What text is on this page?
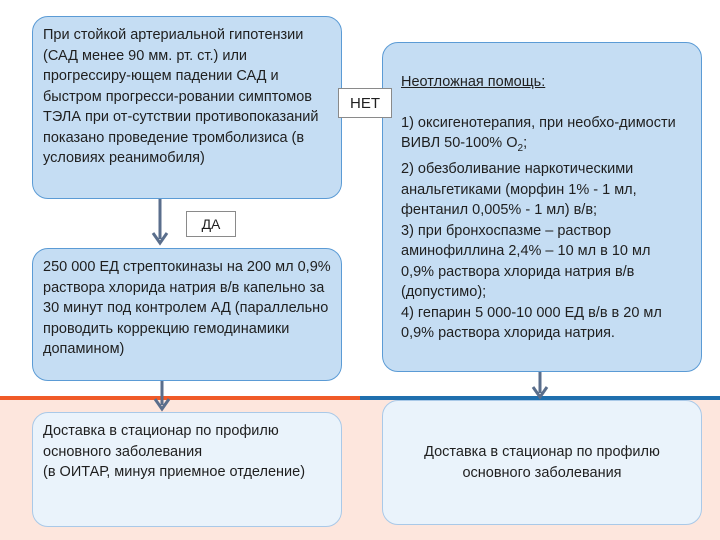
При стойкой артериальной гипотензии (САД менее 90 мм. рт. ст.) или прогрессиру-ющем падении САД и быстром прогресси-ровании симптомов ТЭЛА при от-сутствии противопоказаний показано проведение тромболизиса (в условиях реанимобиля)
250 000 ЕД стрептокиназы на 200 мл 0,9% раствора хлорида натрия в/в капельно за 30 минут под контролем АД (параллельно проводить коррекцию гемодинамики допамином)
Доставка в стационар по профилю основного заболевания
(в ОИТАР, минуя приемное отделение)

Неотложная помощь:

1) оксигенотерапия, при необхо-димости ВИВЛ 50-100% $O_2$;
2) обезболивание наркотическими анальгетиками (морфин 1% - 1 мл, фентанил 0,005% - 1 мл) в/в;
3) при бронхоспазме – раствор аминофиллина 2,4% – 10 мл в 10 мл 0,9% раствора хлорида натрия в/в (допустимо);
4) гепарин 5 000-10 000 ЕД в/в в 20 мл 0,9% раствора хлорида натрия.

Доставка в стационар по профилю основного заболевания
ДА
НЕТ
